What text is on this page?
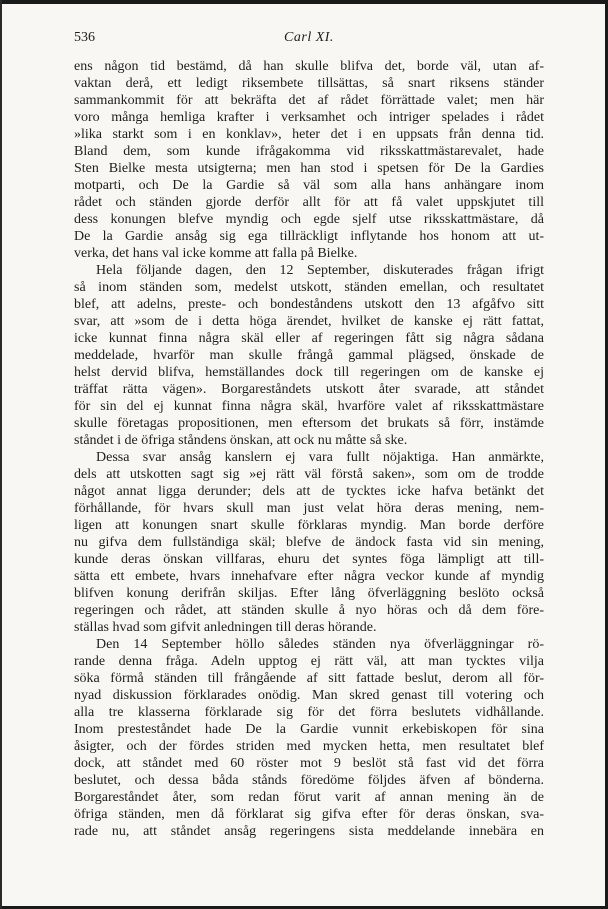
536	Carl XI.
ens någon tid bestämd, då han skulle blifva det, borde väl, utan af-
vaktan derå, ett ledigt riksembete tillsättas, så snart riksens ständer
sammankommit för att bekräfta det af rådet förrättade valet; men här
voro många hemliga krafter i verksamhet och intriger spelades i rådet
»lika starkt som i en konklav», heter det i en uppsats från denna tid.
Bland dem, som kunde ifrågakomma vid riksskattmästarevalet, hade
Sten Bielke mesta utsigterna; men han stod i spetsen för De la Gardies
motparti, och De la Gardie så väl som alla hans anhängare inom
rådet och ständen gjorde derför allt för att få valet uppskjutet till
dess konungen blefve myndig och egde sjelf utse riksskattmästare, då
De la Gardie ansåg sig ega tillräckligt inflytande hos honom att ut-
verka, det hans val icke komme att falla på Bielke.
Hela följande dagen, den 12 September, diskuterades frågan ifrigt
så inom ständen som, medelst utskott, ständen emellan, och resultatet
blef, att adelns, preste- och bondeståndens utskott den 13 afgåfvo sitt
svar, att »som de i detta höga ärendet, hvilket de kanske ej rätt fattat,
icke kunnat finna några skäl eller af regeringen fått sig några sådana
meddelade, hvarför man skulle frångå gammal plägsed, önskade de
helst dervid blifva, hemställandes dock till regeringen om de kanske ej
träffat rätta vägen». Borgareståndets utskott åter svarade, att ståndet
för sin del ej kunnat finna några skäl, hvarföre valet af riksskattmästare
skulle företagas propositionen, men eftersom det brukats så förr, instämde
ståndet i de öfriga ståndens önskan, att ock nu måtte så ske.
Dessa svar ansåg kanslern ej vara fullt nöjaktiga. Han anmärkte,
dels att utskotten sagt sig »ej rätt väl förstå saken», som om de trodde
något annat ligga derunder; dels att de tycktes icke hafva betänkt det
förhållande, för hvars skull man just velat höra deras mening, nem-
ligen att konungen snart skulle förklaras myndig. Man borde derföre
nu gifva dem fullständiga skäl; blefve de ändock fasta vid sin mening,
kunde deras önskan villfaras, ehuru det syntes föga lämpligt att till-
sätta ett embete, hvars innehafvare efter några veckor kunde af myndig
blifven konung derifrån skiljas. Efter lång öfverläggning beslöto också
regeringen och rådet, att ständen skulle å nyo höras och då dem före-
ställas hvad som gifvit anledningen till deras hörande.
Den 14 September höllo således ständen nya öfverläggningar rö-
rande denna fråga. Adeln upptog ej rätt väl, att man tycktes vilja
söka förmå ständen till frångående af sitt fattade beslut, derom all för-
nyad diskussion förklarades onödig. Man skred genast till votering och
alla tre klasserna förklarade sig för det förra beslutets vidhållande.
Inom presteståndet hade De la Gardie vunnit erkebiskopen för sina
åsigter, och der fördes striden med mycken hetta, men resultatet blef
dock, att ståndet med 60 röster mot 9 beslöt stå fast vid det förra
beslutet, och dessa båda stånds föredöme följdes äfven af bönderna.
Borgareståndet åter, som redan förut varit af annan mening än de
öfriga ständen, men då förklarat sig gifva efter för deras önskan, sva-
rade nu, att ståndet ansåg regeringens sista meddelande innebära en
